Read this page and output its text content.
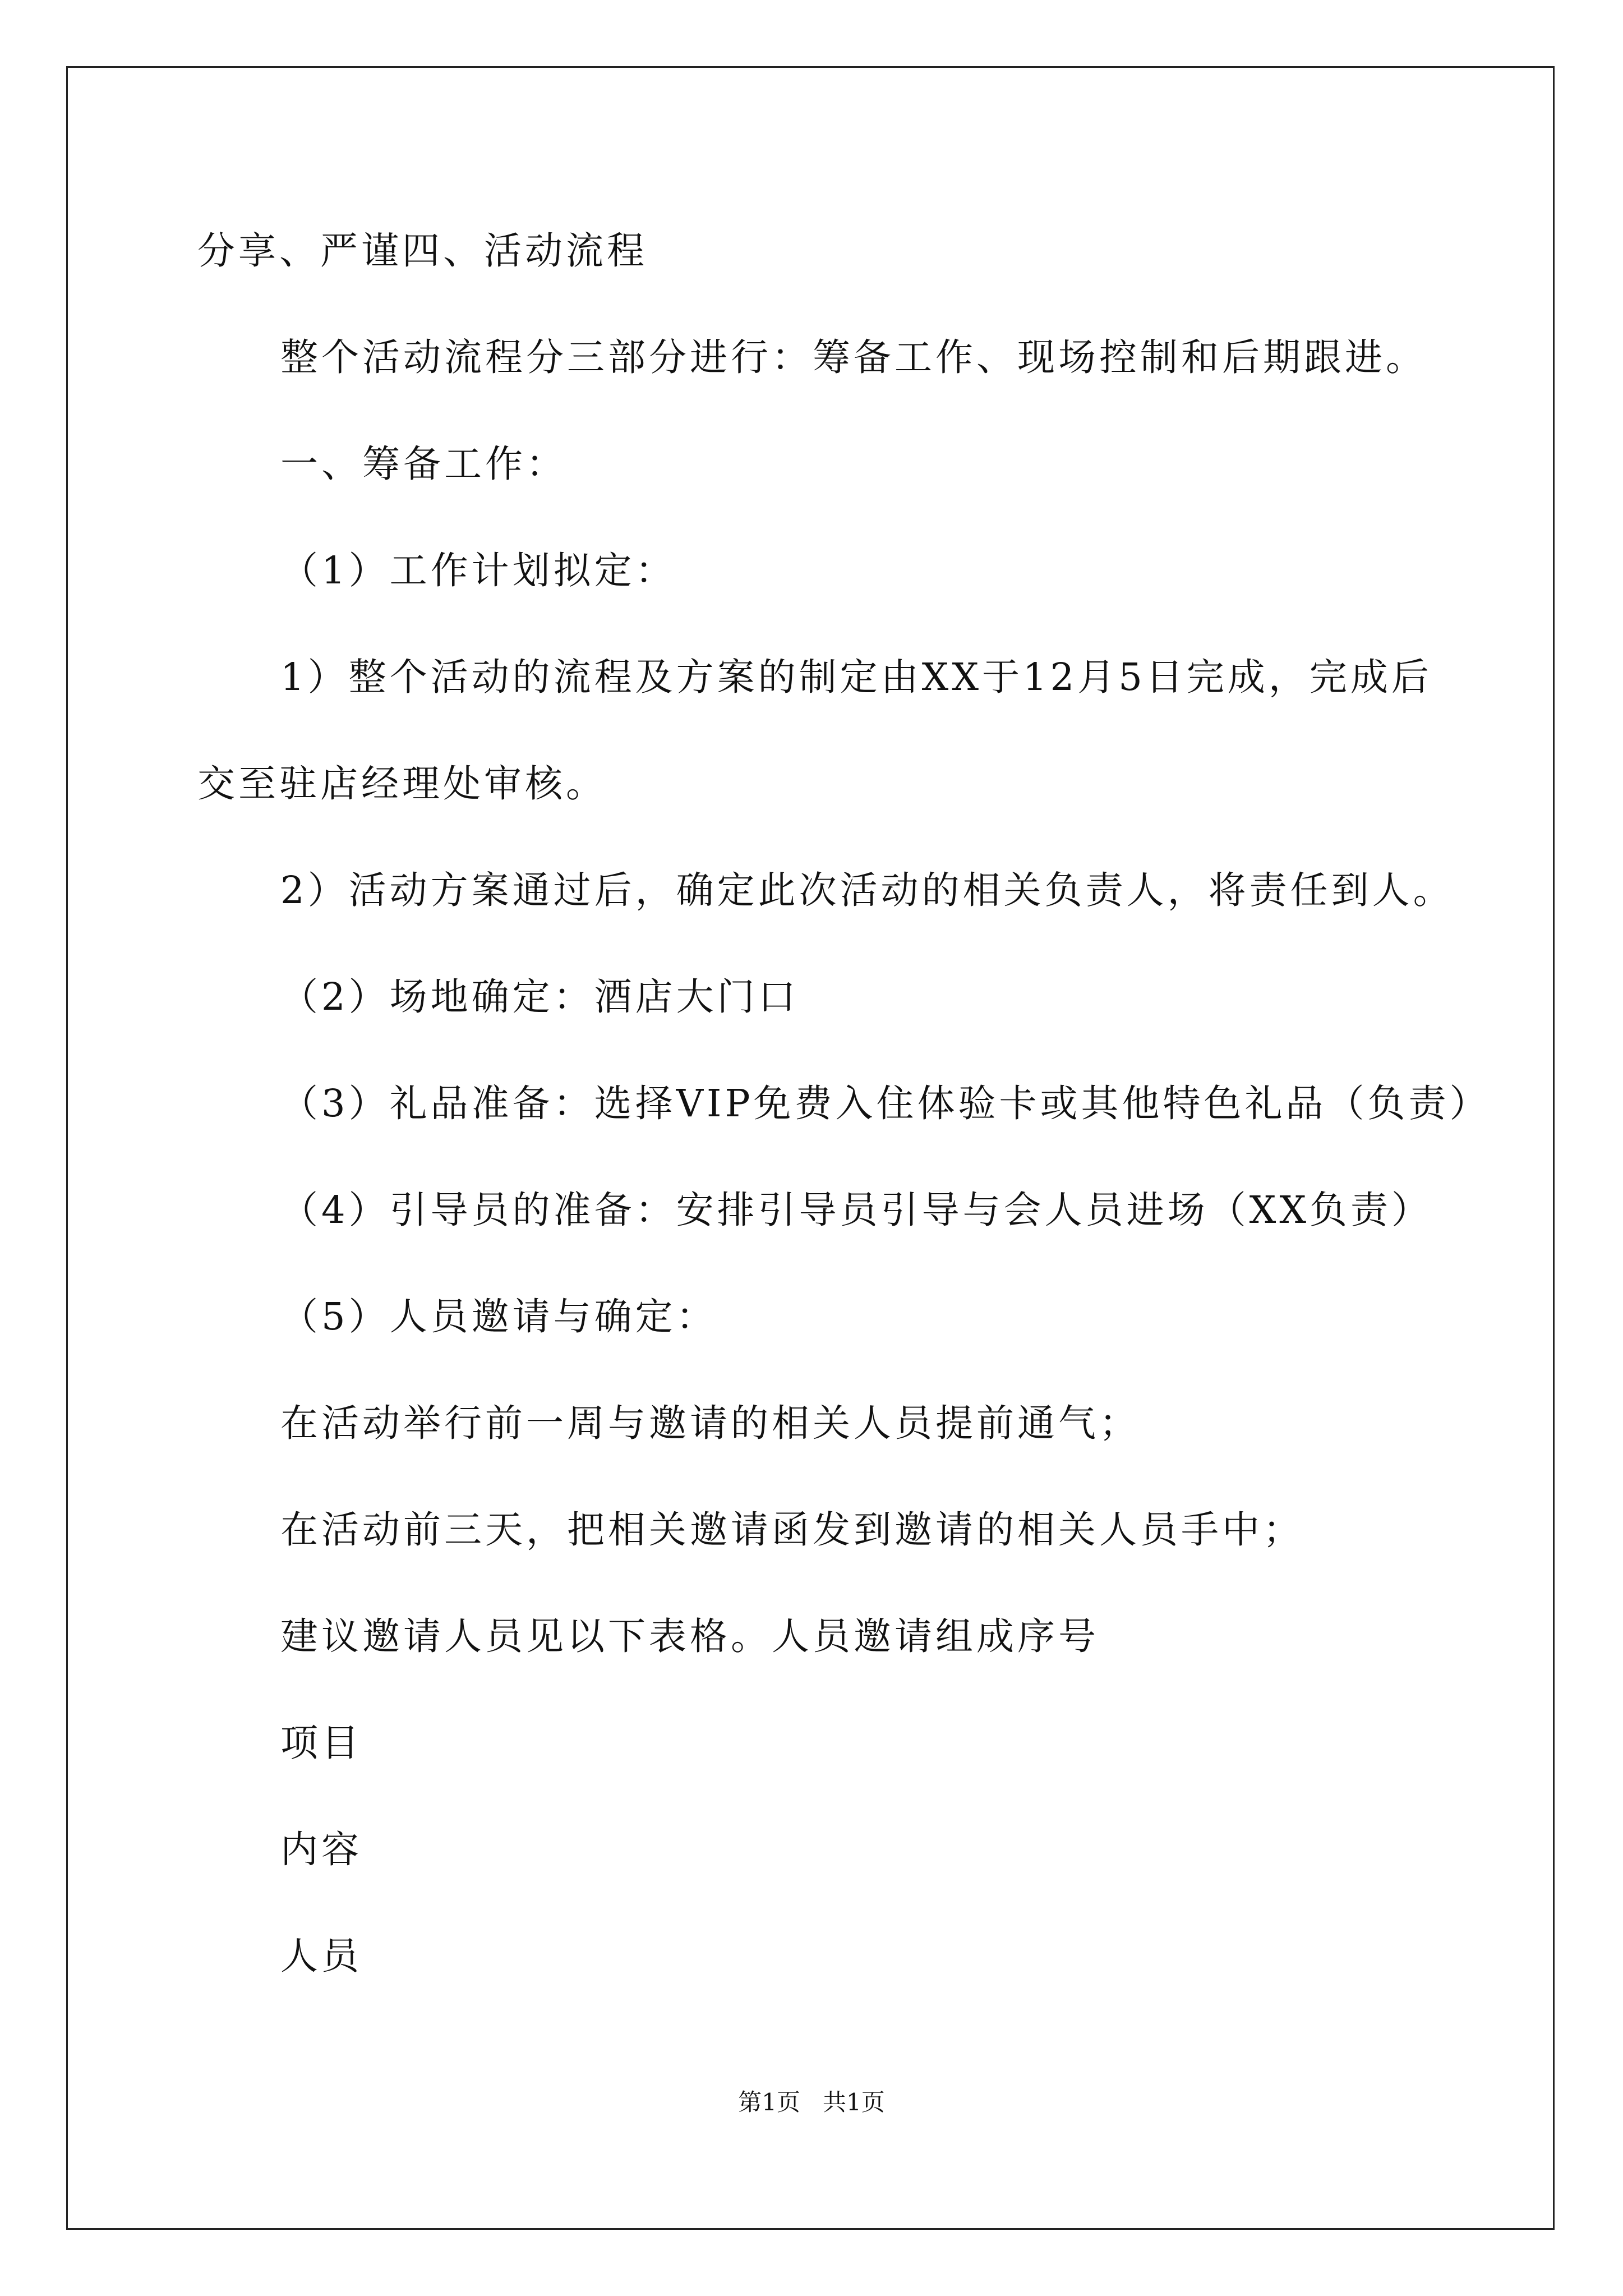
分享、严谨四、活动流程
整个活动流程分三部分进行：筹备工作、现场控制和后期跟进。
一、筹备工作：
（1）工作计划拟定：
1）整个活动的流程及方案的制定由XX于12月5日完成，完成后
交至驻店经理处审核。
2）活动方案通过后，确定此次活动的相关负责人，将责任到人。
（2）场地确定：酒店大门口
（3）礼品准备：选择VIP免费入住体验卡或其他特色礼品（负责）
（4）引导员的准备：安排引导员引导与会人员进场（XX负责）
（5）人员邀请与确定：
在活动举行前一周与邀请的相关人员提前通气；
在活动前三天，把相关邀请函发到邀请的相关人员手中；
建议邀请人员见以下表格。人员邀请组成序号
项目
内容
人员
第1页   共1页
